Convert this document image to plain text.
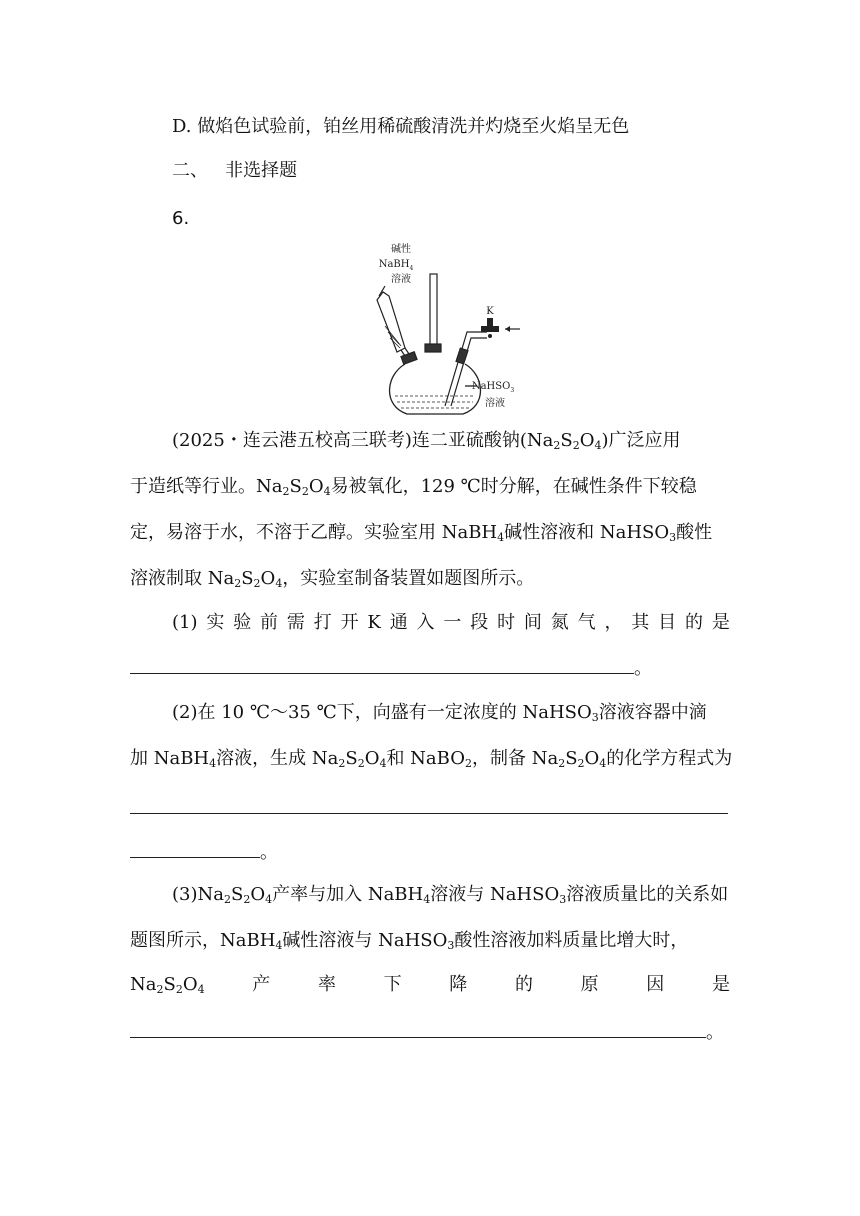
D. 做焰色试验前，铂丝用稀硫酸清洗并灼烧至火焰呈无色
二、 非选择题
6.
碱性
NaBH$_4$
溶液
K
NaHSO$_3$
溶液
(2025・连云港五校高三联考)连二亚硫酸钠$(Na_2S_2O_4)$广泛应用
于造纸等行业。$Na_2S_2O_4$易被氧化，129 ℃时分解，在碱性条件下较稳
定，易溶于水，不溶于乙醇。实验室用 NaBH$_4$碱性溶液和 NaHSO$_3$酸性
溶液制取 $Na_2S_2O_4$，实验室制备装置如题图所示。
(1) 实 验 前 需 打 开 K 通 入 一 段 时 间 氮 气 ， 其 目 的 是
。
(2)在 10 ℃～35 ℃下，向盛有一定浓度的 NaHSO$_3$溶液容器中滴
加 NaBH$_4$溶液，生成 $Na_2S_2O_4$和 NaBO$_2$，制备 $Na_2S_2O_4$的化学方程式为
。
$(3)Na_2S_2O_4$产率与加入 NaBH$_4$溶液与 NaHSO$_3$溶液质量比的关系如
题图所示，NaBH$_4$碱性溶液与 NaHSO$_3$酸性溶液加料质量比增大时，
$Na_2S_2O_4$	产	率	下	降	的	原	因	是
。
